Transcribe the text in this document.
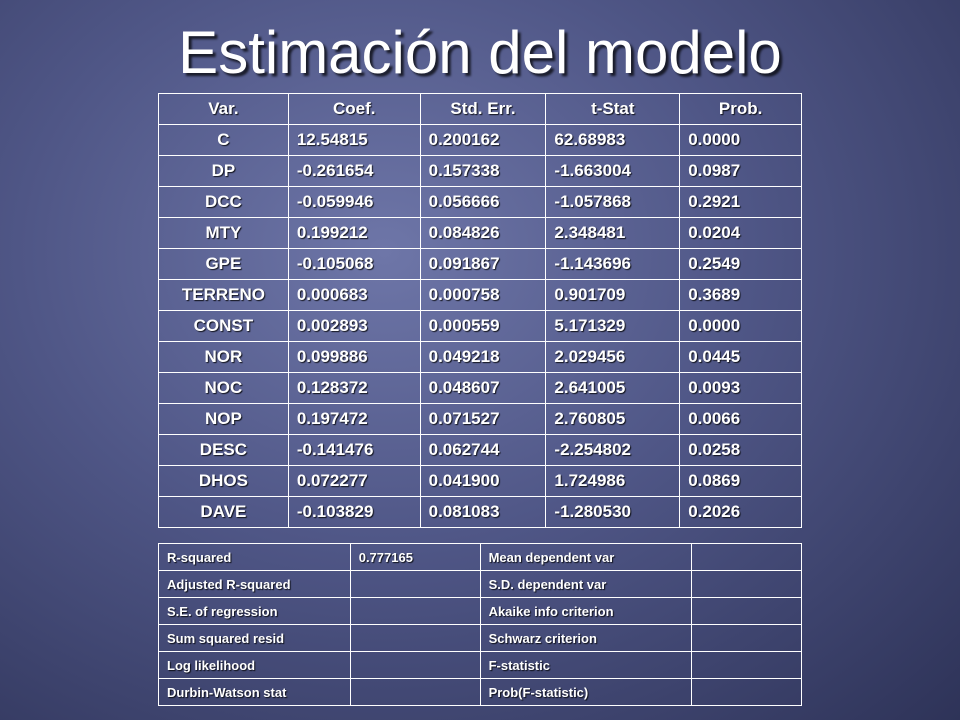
Estimación del modelo
Var.	Coef.	Std. Err.	t-Stat	Prob.
C	12.54815	0.200162	62.68983	0.0000
DP	-0.261654	0.157338	-1.663004	0.0987
DCC	-0.059946	0.056666	-1.057868	0.2921
MTY	0.199212	0.084826	2.348481	0.0204
GPE	-0.105068	0.091867	-1.143696	0.2549
TERRENO	0.000683	0.000758	0.901709	0.3689
CONST	0.002893	0.000559	5.171329	0.0000
NOR	0.099886	0.049218	2.029456	0.0445
NOC	0.128372	0.048607	2.641005	0.0093
NOP	0.197472	0.071527	2.760805	0.0066
DESC	-0.141476	0.062744	-2.254802	0.0258
DHOS	0.072277	0.041900	1.724986	0.0869
DAVE	-0.103829	0.081083	-1.280530	0.2026
R-squared	0.777165	Mean dependent var	
Adjusted R-squared		S.D. dependent var	
S.E. of regression		Akaike info criterion	
Sum squared resid		Schwarz criterion	
Log likelihood		F-statistic	
Durbin-Watson stat		Prob(F-statistic)	
